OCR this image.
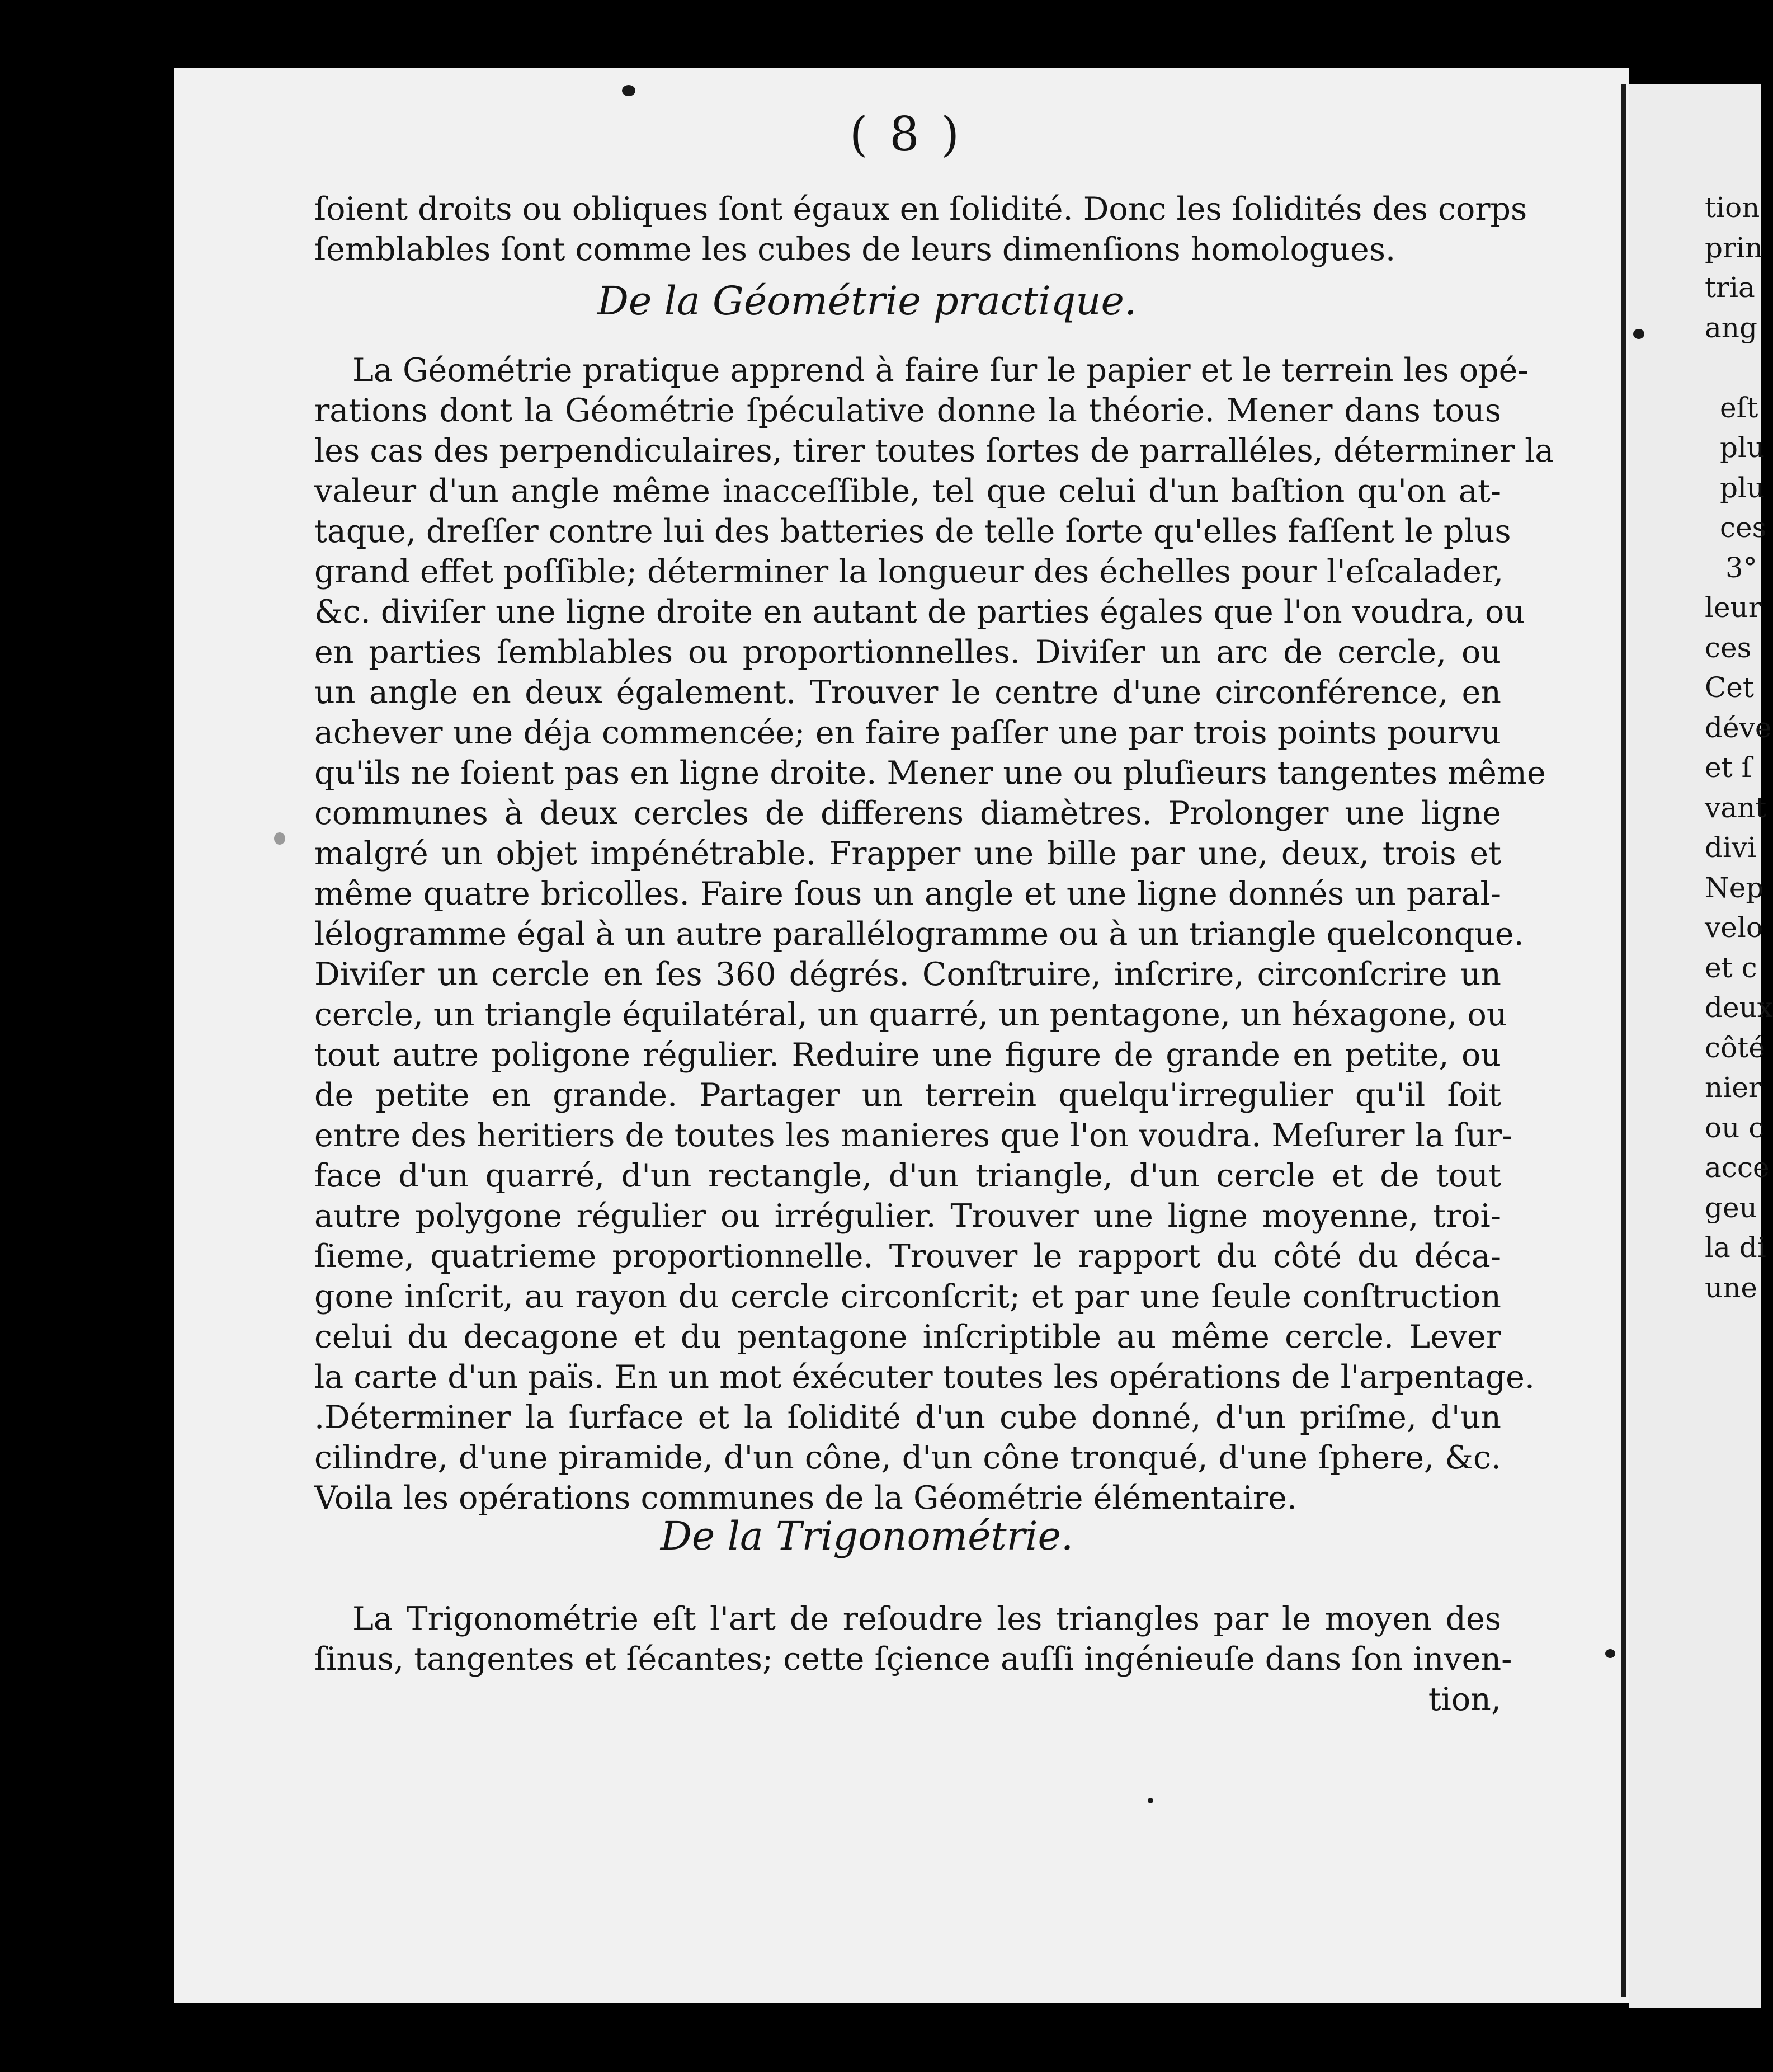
( 8 )
ſoient droits ou obliques ſont égaux en ſolidité. Donc les ſolidités des corps
ſemblables ſont comme les cubes de leurs dimenſions homologues.
La Géométrie pratique apprend à faire ſur le papier et le terrein les opé-
rations dont la Géométrie ſpéculative donne la théorie. Mener dans tous
les cas des perpendiculaires, tirer toutes ſortes de parralléles, déterminer la
valeur d'un angle même inacceſſible, tel que celui d'un baſtion qu'on at-
taque, dreſſer contre lui des batteries de telle ſorte qu'elles faſſent le plus
grand effet poſſible; déterminer la longueur des échelles pour l'eſcalader,
&c. diviſer une ligne droite en autant de parties égales que l'on voudra, ou
en parties ſemblables ou proportionnelles. Diviſer un arc de cercle, ou
un angle en deux également. Trouver le centre d'une circonférence, en
achever une déja commencée; en faire paſſer une par trois points pourvu
qu'ils ne ſoient pas en ligne droite. Mener une ou pluſieurs tangentes même
communes à deux cercles de differens diamètres. Prolonger une ligne
malgré un objet impénétrable. Frapper une bille par une, deux, trois et
même quatre bricolles. Faire ſous un angle et une ligne donnés un paral-
lélogramme égal à un autre parallélogramme ou à un triangle quelconque.
Diviſer un cercle en ſes 360 dégrés. Conſtruire, inſcrire, circonſcrire un
cercle, un triangle équilatéral, un quarré, un pentagone, un héxagone, ou
tout autre poligone régulier. Reduire une figure de grande en petite, ou
de petite en grande. Partager un terrein quelqu'irregulier qu'il ſoit
entre des heritiers de toutes les manieres que l'on voudra. Meſurer la ſur-
face d'un quarré, d'un rectangle, d'un triangle, d'un cercle et de tout
autre polygone régulier ou irrégulier. Trouver une ligne moyenne, troi-
ſieme, quatrieme proportionnelle. Trouver le rapport du côté du déca-
gone inſcrit, au rayon du cercle circonſcrit; et par une ſeule conſtruction
celui du decagone et du pentagone inſcriptible au même cercle. Lever
la carte d'un païs. En un mot éxécuter toutes les opérations de l'arpentage.
.Déterminer la ſurface et la ſolidité d'un cube donné, d'un priſme, d'un
cilindre, d'une piramide, d'un cône, d'un cône tronqué, d'une ſphere, &c.
Voila les opérations communes de la Géométrie élémentaire.
La Trigonométrie eſt l'art de reſoudre les triangles par le moyen des
ſinus, tangentes et ſécantes; cette ſçience auſſi ingénieuſe dans ſon inven-
tion,
De la Géométrie practique.
De la Trigonométrie.
tion
prin
tria
ang
eſt
plu
plu
ces
3°
leur
ces
Cet
déve
et ſ
vant
divi
Nep
velo
et c
deux
côté
nier
ou c
acce
geu
la di
une
